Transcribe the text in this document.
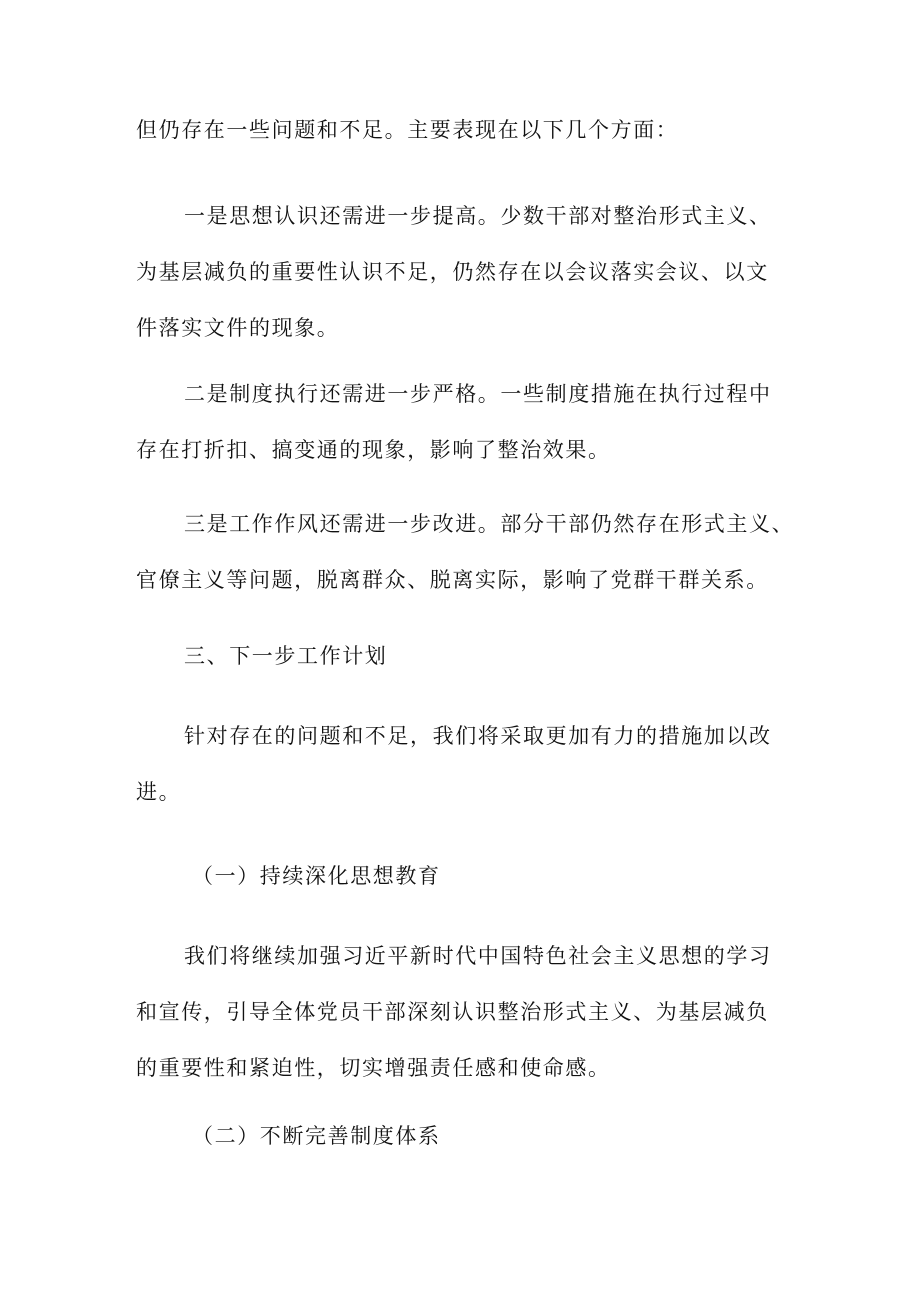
但仍存在一些问题和不足。主要表现在以下几个方面：

一是思想认识还需进一步提高。少数干部对整治形式主义、
为基层减负的重要性认识不足，仍然存在以会议落实会议、以文
件落实文件的现象。

二是制度执行还需进一步严格。一些制度措施在执行过程中
存在打折扣、搞变通的现象，影响了整治效果。

三是工作作风还需进一步改进。部分干部仍然存在形式主义、
官僚主义等问题，脱离群众、脱离实际，影响了党群干群关系。

三、下一步工作计划

针对存在的问题和不足，我们将采取更加有力的措施加以改
进。

（一）持续深化思想教育

我们将继续加强习近平新时代中国特色社会主义思想的学习
和宣传，引导全体党员干部深刻认识整治形式主义、为基层减负
的重要性和紧迫性，切实增强责任感和使命感。

（二）不断完善制度体系
